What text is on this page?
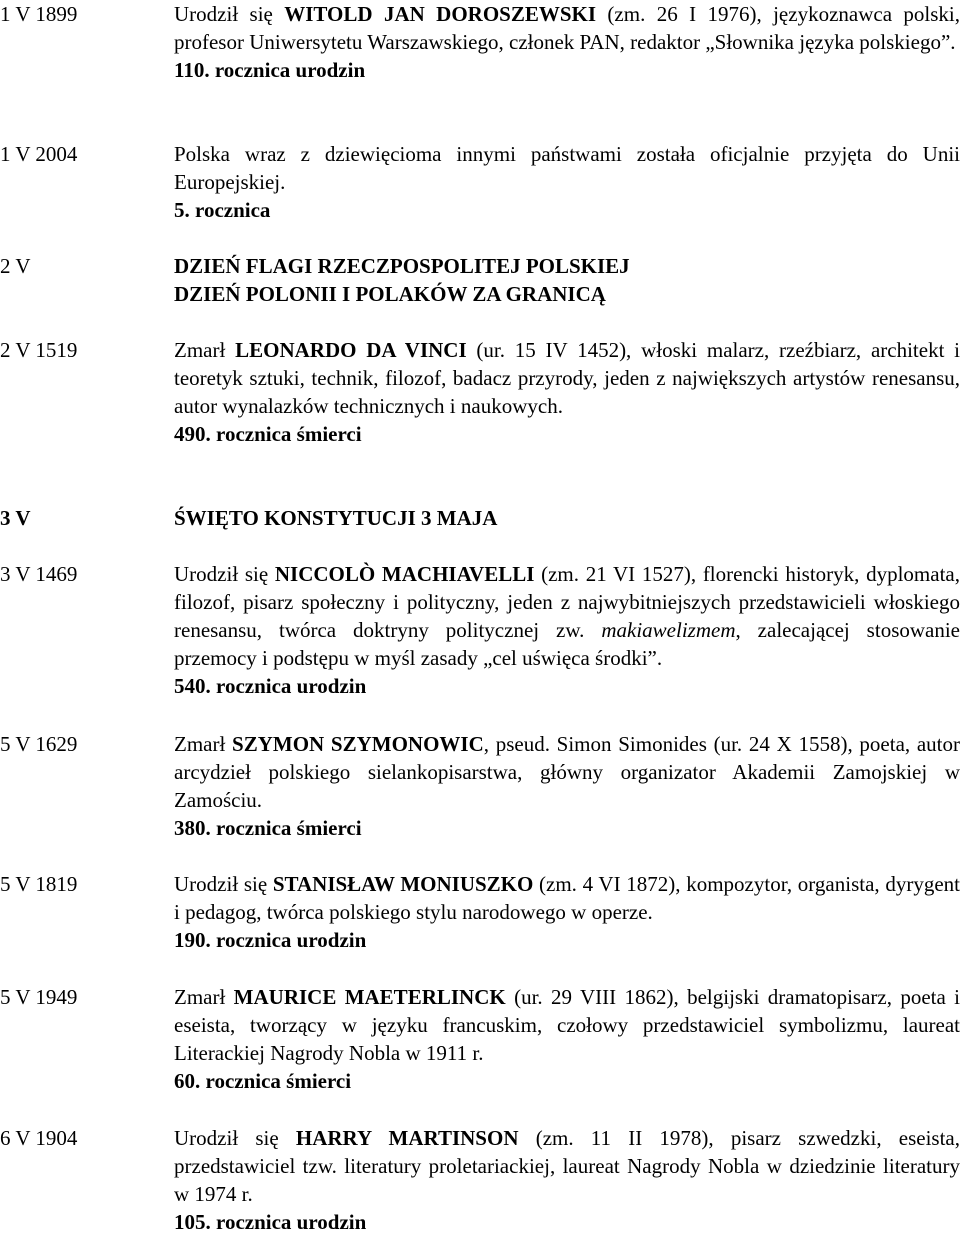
1 V 1899	Urodził się WITOLD JAN DOROSZEWSKI (zm. 26 I 1976), językoznawca polski, profesor Uniwersytetu Warszawskiego, członek PAN, redaktor „Słownika języka polskiego”.
110. rocznica urodzin
1 V 2004	Polska wraz z dziewięcioma innymi państwami została oficjalnie przyjęta do Unii Europejskiej.
5. rocznica
2 V	DZIEŃ FLAGI RZECZPOSPOLITEJ POLSKIEJ
DZIEŃ POLONII I POLAKÓW ZA GRANICĄ
2 V 1519	Zmarł LEONARDO DA VINCI (ur. 15 IV 1452), włoski malarz, rzeźbiarz, architekt i teoretyk sztuki, technik, filozof, badacz przyrody, jeden z największych artystów renesansu, autor wynalazków technicznych i naukowych.
490. rocznica śmierci
3 V	ŚWIĘTO KONSTYTUCJI 3 MAJA
3 V 1469	Urodził się NICCOLÒ MACHIAVELLI (zm. 21 VI 1527), florencki historyk, dyplomata, filozof, pisarz społeczny i polityczny, jeden z najwybitniejszych przedstawicieli włoskiego renesansu, twórca doktryny politycznej zw. makiawelizmem, zalecającej stosowanie przemocy i podstępu w myśl zasady „cel uświęca środki”.
540. rocznica urodzin
5 V 1629	Zmarł SZYMON SZYMONOWIC, pseud. Simon Simonides (ur. 24 X 1558), poeta, autor arcydzieł polskiego sielankopisarstwa, główny organizator Akademii Zamojskiej w Zamościu.
380. rocznica śmierci
5 V 1819	Urodził się STANISŁAW MONIUSZKO (zm. 4 VI 1872), kompozytor, organista, dyrygent i pedagog, twórca polskiego stylu narodowego w operze.
190. rocznica urodzin
5 V 1949	Zmarł MAURICE MAETERLINCK (ur. 29 VIII 1862), belgijski dramatopisarz, poeta i eseista, tworzący w języku francuskim, czołowy przedstawiciel symbolizmu, laureat Literackiej Nagrody Nobla w 1911 r.
60. rocznica śmierci
6 V 1904	Urodził się HARRY MARTINSON (zm. 11 II 1978), pisarz szwedzki, eseista, przedstawiciel tzw. literatury proletariackiej, laureat Nagrody Nobla w dziedzinie literatury w 1974 r.
105. rocznica urodzin
